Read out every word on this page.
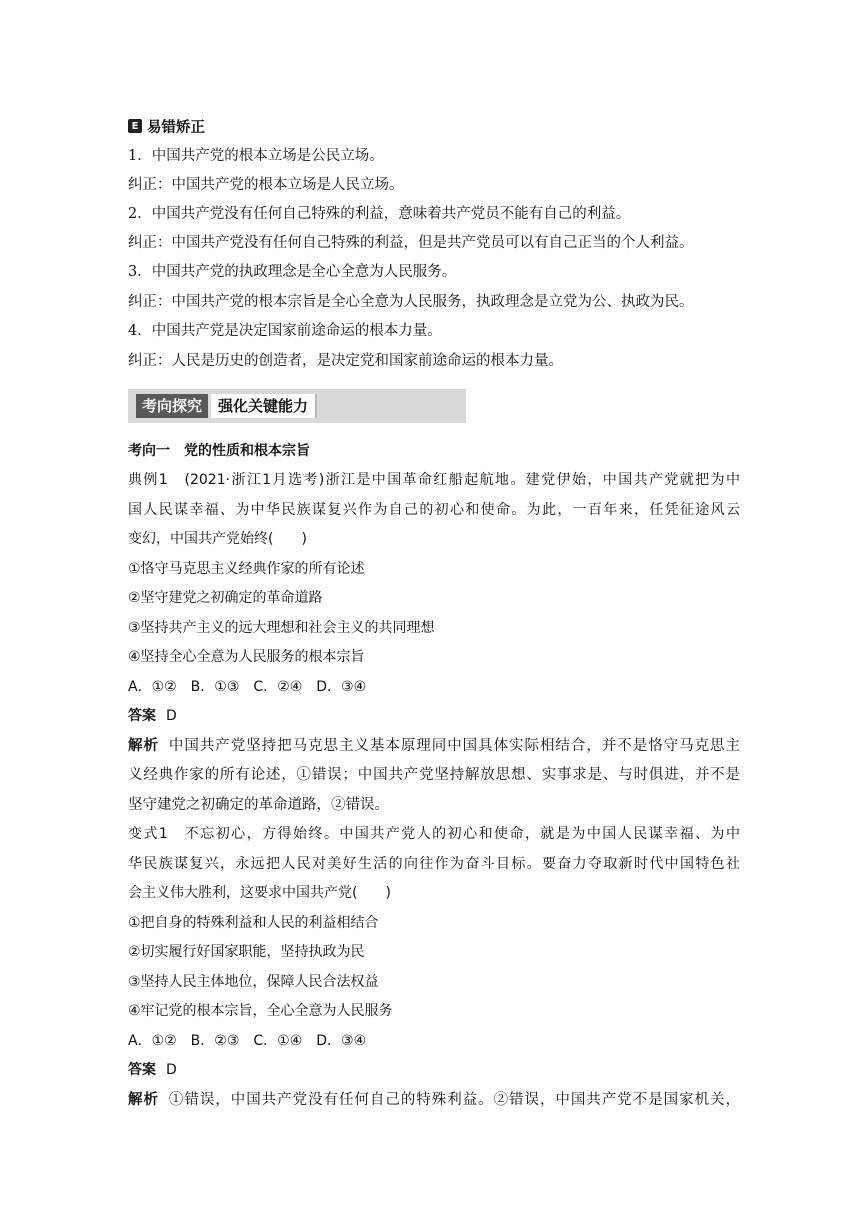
E 易错矫正
1．中国共产党的根本立场是公民立场。
纠正：中国共产党的根本立场是人民立场。
2．中国共产党没有任何自己特殊的利益，意味着共产党员不能有自己的利益。
纠正：中国共产党没有任何自己特殊的利益，但是共产党员可以有自己正当的个人利益。
3．中国共产党的执政理念是全心全意为人民服务。
纠正：中国共产党的根本宗旨是全心全意为人民服务，执政理念是立党为公、执政为民。
4．中国共产党是决定国家前途命运的根本力量。
纠正：人民是历史的创造者，是决定党和国家前途命运的根本力量。
考向探究	强化关键能力
考向一　党的性质和根本宗旨
典例1　(2021·浙江1月选考)浙江是中国革命红船起航地。建党伊始，中国共产党就把为中
国人民谋幸福、为中华民族谋复兴作为自己的初心和使命。为此，一百年来，任凭征途风云
变幻，中国共产党始终(　　)
①恪守马克思主义经典作家的所有论述
②坚守建党之初确定的革命道路
③坚持共产主义的远大理想和社会主义的共同理想
④坚持全心全意为人民服务的根本宗旨
A．①②　B．①③　C．②④　D．③④
答案 D
解析 中国共产党坚持把马克思主义基本原理同中国具体实际相结合，并不是恪守马克思主
义经典作家的所有论述，①错误；中国共产党坚持解放思想、实事求是、与时俱进，并不是
坚守建党之初确定的革命道路，②错误。
变式1　不忘初心，方得始终。中国共产党人的初心和使命，就是为中国人民谋幸福、为中
华民族谋复兴，永远把人民对美好生活的向往作为奋斗目标。要奋力夺取新时代中国特色社
会主义伟大胜利，这要求中国共产党(　　)
①把自身的特殊利益和人民的利益相结合
②切实履行好国家职能，坚持执政为民
③坚持人民主体地位，保障人民合法权益
④牢记党的根本宗旨，全心全意为人民服务
A．①②　B．②③　C．①④　D．③④
答案 D
解析 ①错误，中国共产党没有任何自己的特殊利益。②错误，中国共产党不是国家机关，
